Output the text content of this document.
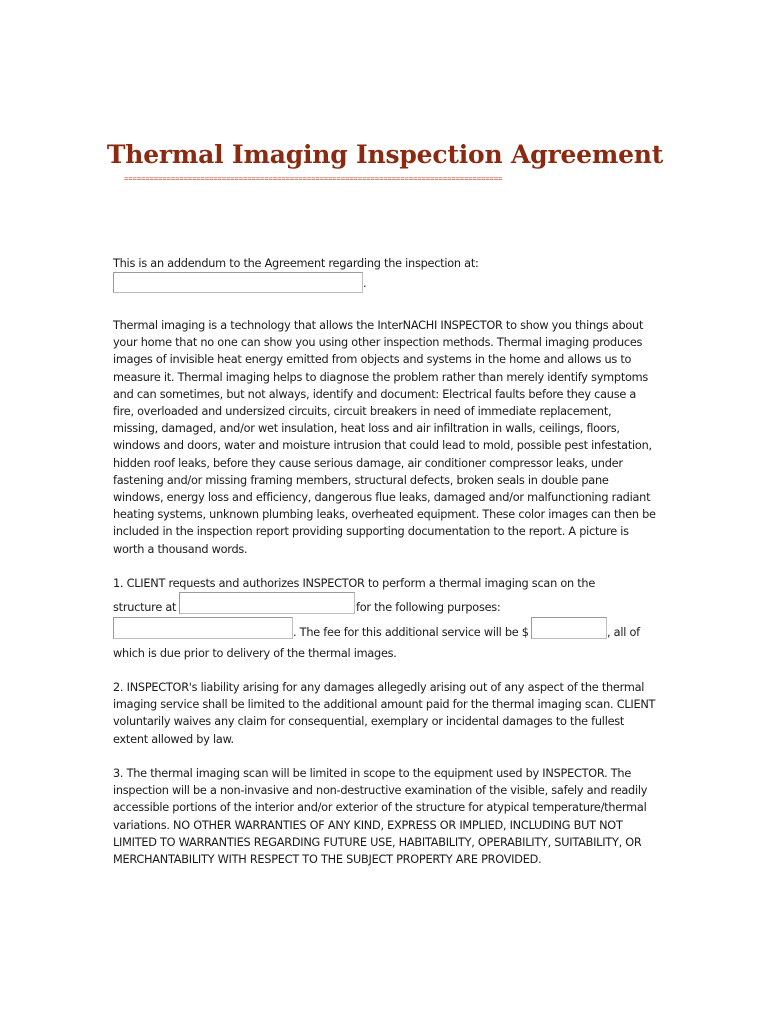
Thermal Imaging Inspection Agreement
=========================================================================================
This is an addendum to the Agreement regarding the inspection at:
.
Thermal imaging is a technology that allows the InterNACHI INSPECTOR to show you things about your home that no one can show you using other inspection methods. Thermal imaging produces images of invisible heat energy emitted from objects and systems in the home and allows us to measure it. Thermal imaging helps to diagnose the problem rather than merely identify symptoms and can sometimes, but not always, identify and document: Electrical faults before they cause a fire, overloaded and undersized circuits, circuit breakers in need of immediate replacement, missing, damaged, and/or wet insulation, heat loss and air infiltration in walls, ceilings, floors, windows and doors, water and moisture intrusion that could lead to mold, possible pest infestation, hidden roof leaks, before they cause serious damage, air conditioner compressor leaks, under fastening and/or missing framing members, structural defects, broken seals in double pane windows, energy loss and efficiency, dangerous flue leaks, damaged and/or malfunctioning radiant heating systems, unknown plumbing leaks, overheated equipment. These color images can then be included in the inspection report providing supporting documentation to the report. A picture is worth a thousand words.
1. CLIENT requests and authorizes INSPECTOR to perform a thermal imaging scan on the
structure at	for the following purposes:
. The fee for this additional service will be $	, all of
which is due prior to delivery of the thermal images.
2. INSPECTOR's liability arising for any damages allegedly arising out of any aspect of the thermal imaging service shall be limited to the additional amount paid for the thermal imaging scan. CLIENT voluntarily waives any claim for consequential, exemplary or incidental damages to the fullest extent allowed by law.
3. The thermal imaging scan will be limited in scope to the equipment used by INSPECTOR. The inspection will be a non-invasive and non-destructive examination of the visible, safely and readily accessible portions of the interior and/or exterior of the structure for atypical temperature/thermal variations. NO OTHER WARRANTIES OF ANY KIND, EXPRESS OR IMPLIED, INCLUDING BUT NOT LIMITED TO WARRANTIES REGARDING FUTURE USE, HABITABILITY, OPERABILITY, SUITABILITY, OR MERCHANTABILITY WITH RESPECT TO THE SUBJECT PROPERTY ARE PROVIDED.
